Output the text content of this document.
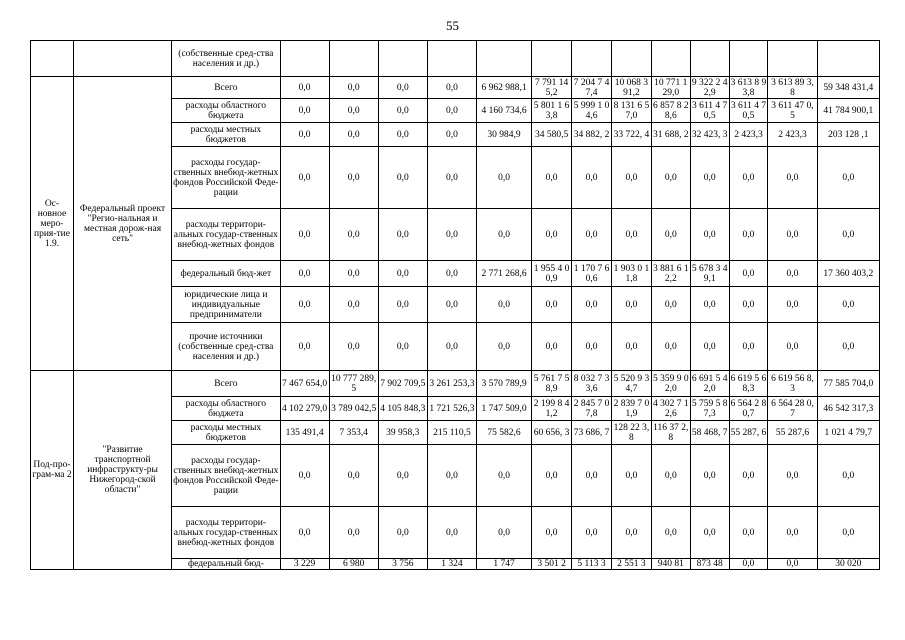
55
		(собственные сред-ства населения и др.)													
Ос-новное меро-прия-тие 1.9.	Федеральный проект "Регио-нальная и местная дорож-ная сеть"	Всего	0,0	0,0	0,0	0,0	6 962 988,1	7 791 145,2	7 204 7 47,4	10 068 391,2	10 771 129,0	9 322 2 42,9	3 613 8 93,8	3 613 89 3,8	59 348 431,4
		расходы областного бюджета	0,0	0,0	0,0	0,0	4 160 734,6	5 801 1 63,8	5 999 1 04,6	8 131 6 57,0	6 857 8 28,6	3 611 4 70,5	3 611 4 70,5	3 611 47 0,5	41 784 900,1
		расходы местных бюджетов	0,0	0,0	0,0	0,0	30 984,9	34 580,5	34 882, 2	33 722, 4	31 688, 2	32 423, 3	2 423,3	2 423,3	203 128 ,1
		расходы государ-ственных внебюд-жетных фондов Российской Феде-рации	0,0	0,0	0,0	0,0	0,0	0,0	0,0	0,0	0,0	0,0	0,0	0,0	0,0
		расходы территори-альных государ-ственных внебюд-жетных фондов	0,0	0,0	0,0	0,0	0,0	0,0	0,0	0,0	0,0	0,0	0,0	0,0	0,0
		федеральный бюд-жет	0,0	0,0	0,0	0,0	2 771 268,6	1 955 4 00,9	1 170 7 60,6	1 903 0 11,8	3 881 6 12,2	5 678 3 49,1	0,0	0,0	17 360 403,2
		юридические лица и индивидуальные предприниматели	0,0	0,0	0,0	0,0	0,0	0,0	0,0	0,0	0,0	0,0	0,0	0,0	0,0
		прочие источники (собственные сред-ства населения и др.)	0,0	0,0	0,0	0,0	0,0	0,0	0,0	0,0	0,0	0,0	0,0	0,0	0,0
Под-про-грам-ма 2	"Развитие транспортной инфраструкту-ры Нижегород-ской области"	Всего	7 467 654,0	10 777 289,5	7 902 709,5	3 261 253,3	3 570 789,9	5 761 7 58,9	8 032 7 33,6	5 520 9 34,7	5 359 9 02,0	6 691 5 42,0	6 619 5 68,3	6 619 56 8,3	77 585 704,0
		расходы областного бюджета	4 102 279,0	3 789 042,5	4 105 848,3	1 721 526,3	1 747 509,0	2 199 8 41,2	2 845 7 07,8	2 839 7 01,9	4 302 7 12,6	5 759 5 87,3	6 564 2 80,7	6 564 28 0,7	46 542 317,3
		расходы местных бюджетов	135 491,4	7 353,4	39 958,3	215 110,5	75 582,6	60 656, 3	73 686, 7	128 22 3,8	116 37 2,8	58 468, 7	55 287, 6	55 287,6	1 021 4 79,7
		расходы государ-ственных внебюд-жетных фондов Российской Феде-рации	0,0	0,0	0,0	0,0	0,0	0,0	0,0	0,0	0,0	0,0	0,0	0,0	0,0
		расходы территори-альных государ-ственных внебюд-жетных фондов	0,0	0,0	0,0	0,0	0,0	0,0	0,0	0,0	0,0	0,0	0,0	0,0	0,0
		федеральный бюд-	3 229	6 980	3 756	1 324	1 747	3 501 2	5 113 3	2 551 3	940 81	873 48	0,0	0,0	30 020
